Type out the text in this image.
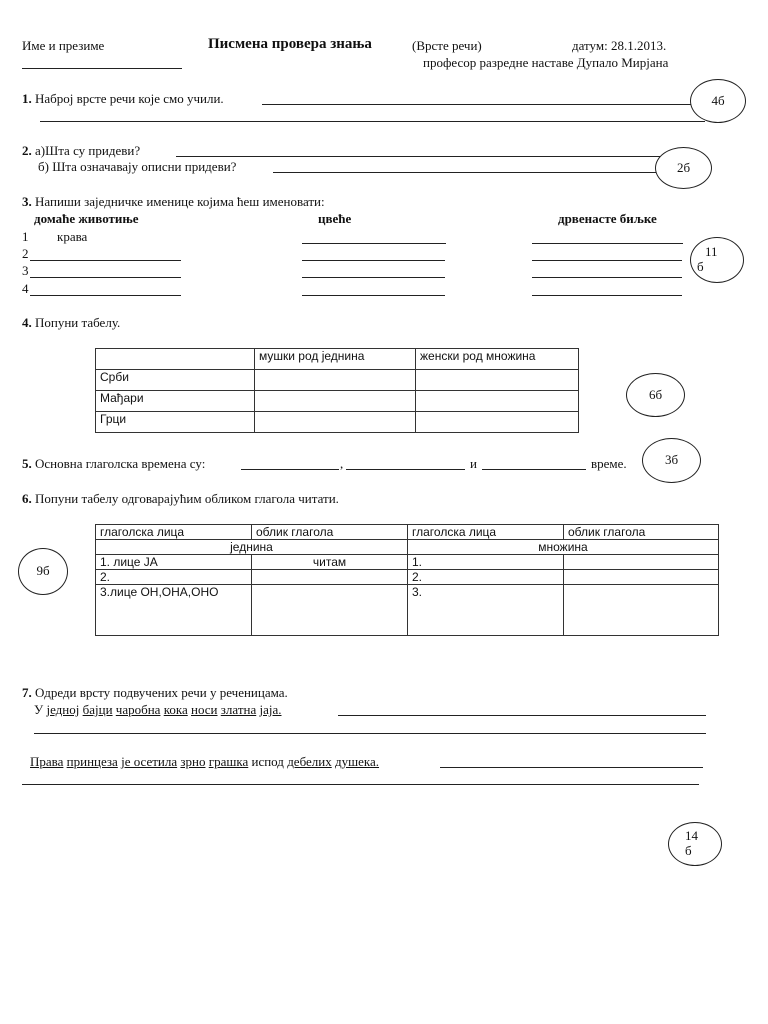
Име и презиме	Писмена провера знања	(Врсте речи)	датум: 28.1.2013.
професор разредне наставе Дупало Мирјана
1. Наброј врсте речи које смо учили.	4б
2. а)Шта су придеви?
б) Шта означавају описни придеви?	2б
3. Напиши заједничке именице којима ћеш именовати:
домаће животиње	цвеће	дрвенасте биљке
1 крава
2
3
4
11
б
4. Попуни табелу.
	мушки род једнина	женски род множина
Срби		
Мађари		
Грци		
6б
5. Основна глаголска времена су:	,	и	време.	3б
6. Попуни табелу одговарајућим обликом глагола читати.
глаголска лица	облик глагола	глаголска лица	облик глагола
једнина		множина	
1. лице JA	читам	1.	
2.		2.	
3.лице ОН,ОНА,ОНО		3.	
9б
7. Одреди врсту подвучених речи у реченицама.
У једној бајци чаробна кока носи златна јаја.
Права принцеза је осетила зрно грашка испод дебелих душека.
14
б
